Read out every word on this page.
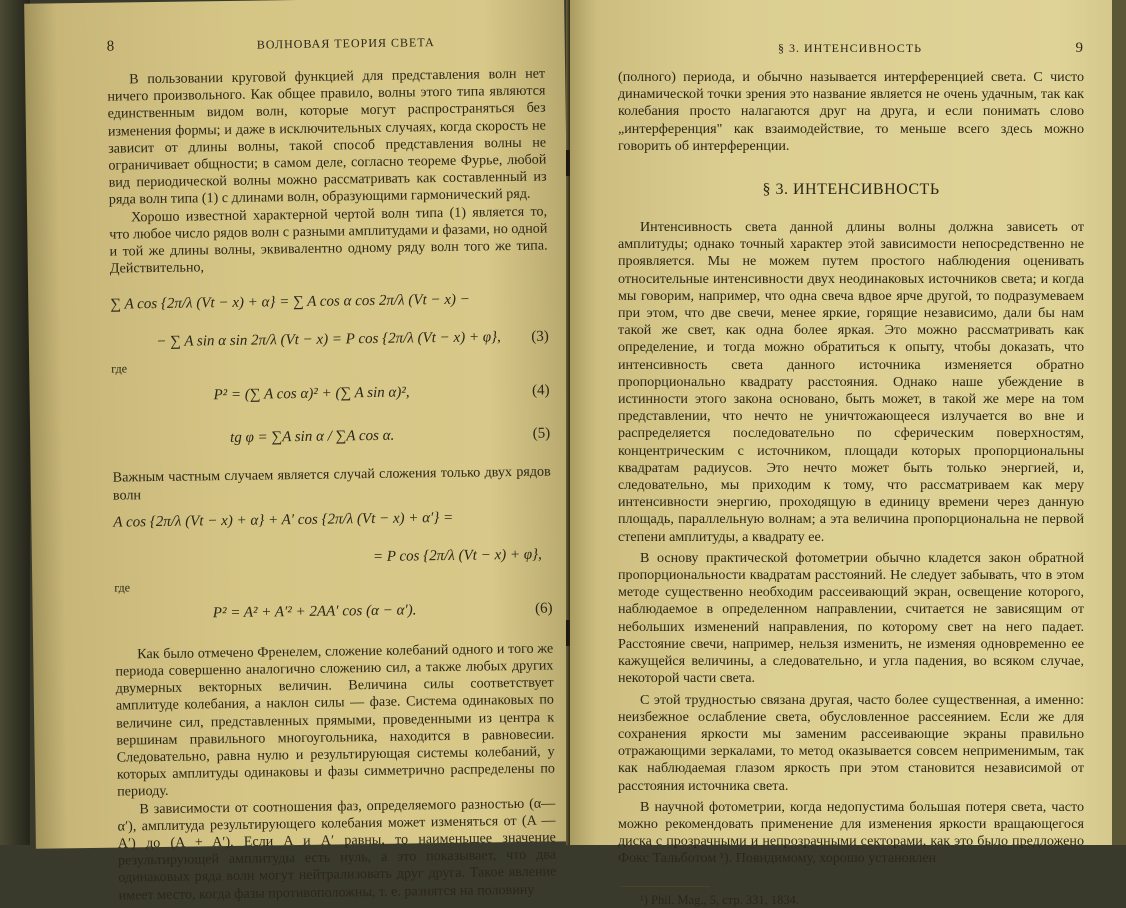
8	ВОЛНОВАЯ ТЕОРИЯ СВЕТА

В пользовании круговой функцией для представления волн нет ничего произвольного. Как общее правило, волны этого типа являются единственным видом волн, которые могут распространяться без изменения формы; и даже в исключительных случаях, когда скорость не зависит от длины волны, такой способ представления волны не ограничивает общности; в самом деле, согласно теореме Фурье, любой вид периодической волны можно рассматривать как составленный из ряда волн типа (1) с длинами волн, образующими гармонический ряд.

Хорошо известной характерной чертой волн типа (1) является то, что любое число рядов волн с разными амплитудами и фазами, но одной и той же длины волны, эквивалентно одному ряду волн того же типа. Действительно,

∑ A cos {2π/λ (Vt − x) + α} = ∑ A cos α cos 2π/λ (Vt − x) −
− ∑ A sin α sin 2π/λ (Vt − x) = P cos {2π/λ (Vt − x) + φ},	(3)

где

P² = (∑ A cos α)² + (∑ A sin α)²,	(4)
tg φ = ∑A sin α / ∑A cos α.	(5)

Важным частным случаем является случай сложения только двух рядов волн

A cos {2π/λ (Vt − x) + α} + A′ cos {2π/λ (Vt − x) + α′} =
= P cos {2π/λ (Vt − x) + φ},

где

P² = A² + A′² + 2AA′ cos (α − α′).	(6)

Как было отмечено Френелем, сложение колебаний одного и того же периода совершенно аналогично сложению сил, а также любых других двумерных векторных величин. Величина силы соответствует амплитуде колебания, а наклон силы — фазе. Система одинаковых по величине сил, представленных прямыми, проведенными из центра к вершинам правильного многоугольника, находится в равновесии. Следовательно, равна нулю и результирующая системы колебаний, у которых амплитуды одинаковы и фазы симметрично распределены по периоду.

В зависимости от соотношения фаз, определяемого разностью (α—α′), амплитуда результирующего колебания может изменяться от (A — A′) до (A + A′). Если A и A′ равны, то наименьшее значение результирующей амплитуды есть нуль, а это показывает, что два одинаковых ряда волн могут нейтрализовать друг друга. Такое явление имеет место, когда фазы противоположны, т. е. разнятся на половину

§ 3. ИНТЕНСИВНОСТЬ	9

(полного) периода, и обычно называется интерференцией света. С чисто динамической точки зрения это название является не очень удачным, так как колебания просто налагаются друг на друга, и если понимать слово „интерференция" как взаимодействие, то меньше всего здесь можно говорить об интерференции.

§ 3. ИНТЕНСИВНОСТЬ

Интенсивность света данной длины волны должна зависеть от амплитуды; однако точный характер этой зависимости непосредственно не проявляется. Мы не можем путем простого наблюдения оценивать относительные интенсивности двух неодинаковых источников света; и когда мы говорим, например, что одна свеча вдвое ярче другой, то подразумеваем при этом, что две свечи, менее яркие, горящие независимо, дали бы нам такой же свет, как одна более яркая. Это можно рассматривать как определение, и тогда можно обратиться к опыту, чтобы доказать, что интенсивность света данного источника изменяется обратно пропорционально квадрату расстояния. Однако наше убеждение в истинности этого закона основано, быть может, в такой же мере на том представлении, что нечто не уничтожающееся излучается во вне и распределяется последовательно по сферическим поверхностям, концентрическим с источником, площади которых пропорциональны квадратам радиусов. Это нечто может быть только энергией, и, следовательно, мы приходим к тому, что рассматриваем как меру интенсивности энергию, проходящую в единицу времени через данную площадь, параллельную волнам; а эта величина пропорциональна не первой степени амплитуды, а квадрату ее.

В основу практической фотометрии обычно кладется закон обратной пропорциональности квадратам расстояний. Не следует забывать, что в этом методе существенно необходим рассеивающий экран, освещение которого, наблюдаемое в определенном направлении, считается не зависящим от небольших изменений направления, по которому свет на него падает. Расстояние свечи, например, нельзя изменить, не изменяя одновременно ее кажущейся величины, а следовательно, и угла падения, во всяком случае, некоторой части света.

С этой трудностью связана другая, часто более существенная, а именно: неизбежное ослабление света, обусловленное рассеянием. Если же для сохранения яркости мы заменим рассеивающие экраны правильно отражающими зеркалами, то метод оказывается совсем неприменимым, так как наблюдаемая глазом яркость при этом становится независимой от расстояния источника света.

В научной фотометрии, когда недопустима большая потеря света, часто можно рекомендовать применение для изменения яркости вращающегося диска с прозрачными и непрозрачными секторами, как это было предложено Фокс Тальботом ¹). Повидимому, хорошо установлен

¹) Phil. Mag., 5, стр. 331, 1834.
